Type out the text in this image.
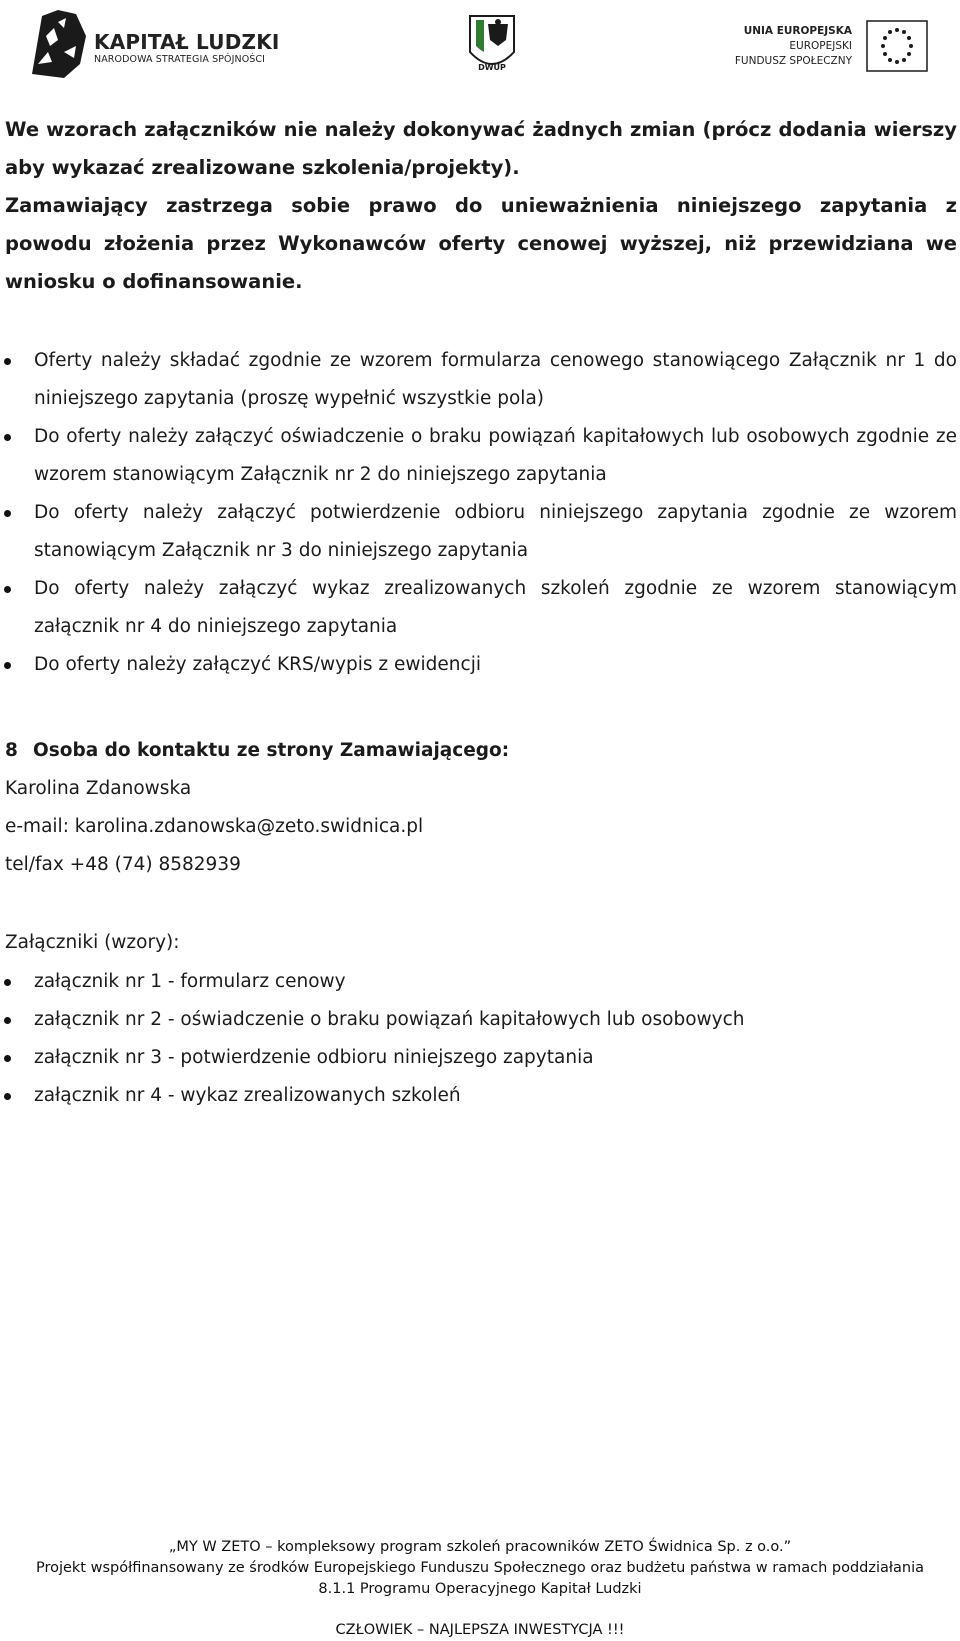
KAPITAŁ LUDZKI
NARODOWA STRATEGIA SPÓJNOŚCI
DWUP
UNIA EUROPEJSKA
EUROPEJSKI
FUNDUSZ SPOŁECZNY

We wzorach załączników nie należy dokonywać żadnych zmian (prócz dodania wierszy aby wykazać zrealizowane szkolenia/projekty).

Zamawiający zastrzega sobie prawo do unieważnienia niniejszego zapytania z powodu złożenia przez Wykonawców oferty cenowej wyższej, niż przewidziana we wniosku o dofinansowanie.

Oferty należy składać zgodnie ze wzorem formularza cenowego stanowiącego Załącznik nr 1 do niniejszego zapytania (proszę wypełnić wszystkie pola)
Do oferty należy załączyć oświadczenie o braku powiązań kapitałowych lub osobowych zgodnie ze wzorem stanowiącym Załącznik nr 2 do niniejszego zapytania
Do oferty należy załączyć potwierdzenie odbioru niniejszego zapytania zgodnie ze wzorem stanowiącym Załącznik nr 3 do niniejszego zapytania
Do oferty należy załączyć wykaz zrealizowanych szkoleń zgodnie ze wzorem stanowiącym załącznik nr 4 do niniejszego zapytania
Do oferty należy załączyć KRS/wypis z ewidencji
8 Osoba do kontaktu ze strony Zamawiającego:
Karolina Zdanowska
e-mail: karolina.zdanowska@zeto.swidnica.pl
tel/fax +48 (74) 8582939
Załączniki (wzory):
załącznik nr 1 - formularz cenowy
załącznik nr 2 - oświadczenie o braku powiązań kapitałowych lub osobowych
załącznik nr 3 - potwierdzenie odbioru niniejszego zapytania
załącznik nr 4 - wykaz zrealizowanych szkoleń

„MY W ZETO – kompleksowy program szkoleń pracowników ZETO Świdnica Sp. z o.o.”

Projekt współfinansowany ze środków Europejskiego Funduszu Społecznego oraz budżetu państwa w ramach poddziałania

8.1.1 Programu Operacyjnego Kapitał Ludzki

CZŁOWIEK – NAJLEPSZA INWESTYCJA !!!
